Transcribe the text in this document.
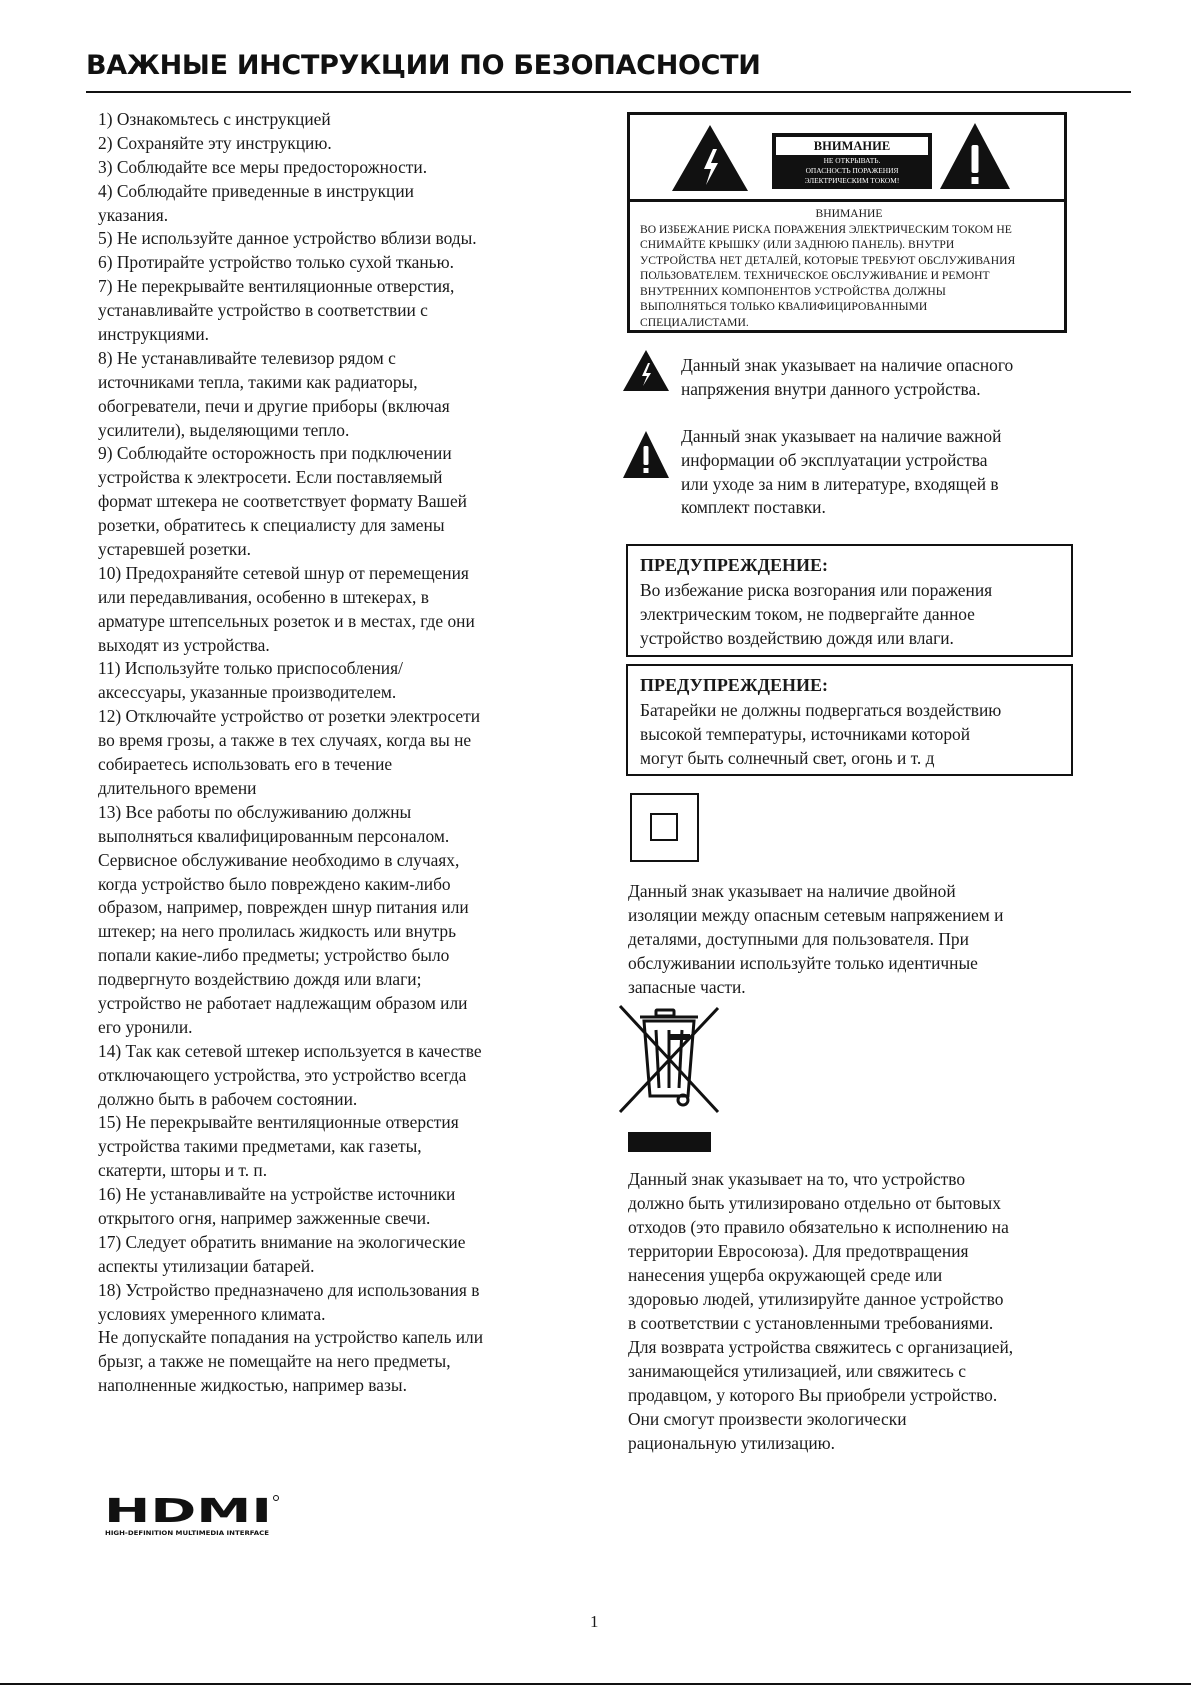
ВАЖНЫЕ ИНСТРУКЦИИ ПО БЕЗОПАСНОСТИ
1) Ознакомьтесь с инструкцией
2) Сохраняйте эту инструкцию.
3) Соблюдайте все меры предосторожности.
4) Соблюдайте приведенные в инструкции
указания.
5) Не используйте данное устройство вблизи воды.
6) Протирайте устройство только сухой тканью.
7) Не перекрывайте вентиляционные отверстия,
устанавливайте устройство в соответствии с
инструкциями.
8) Не устанавливайте телевизор рядом с
источниками тепла, такими как радиаторы,
обогреватели, печи и другие приборы (включая
усилители), выделяющими тепло.
9) Соблюдайте осторожность при подключении
устройства к электросети. Если поставляемый
формат штекера не соответствует формату Вашей
розетки, обратитесь к специалисту для замены
устаревшей розетки.
10) Предохраняйте сетевой шнур от перемещения
или передавливания, особенно в штекерах, в
арматуре штепсельных розеток и в местах, где они
выходят из устройства.
11) Используйте только приспособления/
аксессуары, указанные производителем.
12) Отключайте устройство от розетки электросети
во время грозы, а также в тех случаях, когда вы не
собираетесь использовать его в течение
длительного времени
13) Все работы по обслуживанию должны
выполняться квалифицированным персоналом.
Сервисное обслуживание необходимо в случаях,
когда устройство было повреждено каким-либо
образом, например, поврежден шнур питания или
штекер; на него пролилась жидкость или внутрь
попали какие-либо предметы; устройство было
подвергнуто воздействию дождя или влаги;
устройство не работает надлежащим образом или
его уронили.
14) Так как сетевой штекер используется в качестве
отключающего устройства, это устройство всегда
должно быть в рабочем состоянии.
15) Не перекрывайте вентиляционные отверстия
устройства такими предметами, как газеты,
скатерти, шторы и т. п.
16) Не устанавливайте на устройстве источники
открытого огня, например зажженные свечи.
17) Следует обратить внимание на экологические
аспекты утилизации батарей.
18) Устройство предназначено для использования в
условиях умеренного климата.
Не допускайте попадания на устройство капель или
брызг, а также не помещайте на него предметы,
наполненные жидкостью, например вазы.
ВНИМАНИЕ
НЕ ОТКРЫВАТЬ.
ОПАСНОСТЬ ПОРАЖЕНИЯ
ЭЛЕКТРИЧЕСКИМ ТОКОМ!
ВНИМАНИЕ
ВО ИЗБЕЖАНИЕ РИСКА ПОРАЖЕНИЯ ЭЛЕКТРИЧЕСКИМ ТОКОМ НЕ
СНИМАЙТЕ КРЫШКУ (ИЛИ ЗАДНЮЮ ПАНЕЛЬ). ВНУТРИ
УСТРОЙСТВА НЕТ ДЕТАЛЕЙ, КОТОРЫЕ ТРЕБУЮТ ОБСЛУЖИВАНИЯ
ПОЛЬЗОВАТЕЛЕМ. ТЕХНИЧЕСКОЕ ОБСЛУЖИВАНИЕ И РЕМОНТ
ВНУТРЕННИХ КОМПОНЕНТОВ УСТРОЙСТВА ДОЛЖНЫ
ВЫПОЛНЯТЬСЯ ТОЛЬКО КВАЛИФИЦИРОВАННЫМИ
СПЕЦИАЛИСТАМИ.
Данный знак указывает на наличие опасного
напряжения внутри данного устройства.
Данный знак указывает на наличие важной
информации об эксплуатации устройства
или уходе за ним в литературе, входящей в
комплект поставки.
ПРЕДУПРЕЖДЕНИЕ:
Во избежание риска возгорания или поражения
электрическим током, не подвергайте данное
устройство воздействию дождя или влаги.
ПРЕДУПРЕЖДЕНИЕ:
Батарейки не должны подвергаться воздействию
высокой температуры, источниками которой
могут быть солнечный свет, огонь и т. д
Данный знак указывает на наличие двойной
изоляции между опасным сетевым напряжением и
деталями, доступными для пользователя. При
обслуживании используйте только идентичные
запасные части.
Данный знак указывает на то, что устройство
должно быть утилизировано отдельно от бытовых
отходов (это правило обязательно к исполнению на
территории Евросоюза). Для предотвращения
нанесения ущерба окружающей среде или
здоровью людей, утилизируйте данное устройство
в соответствии с установленными требованиями.
Для возврата устройства свяжитесь с организацией,
занимающейся утилизацией, или свяжитесь с
продавцом, у которого Вы приобрели устройство.
Они смогут произвести экологически
рациональную утилизацию.
HDMI
HIGH-DEFINITION MULTIMEDIA INTERFACE
1
